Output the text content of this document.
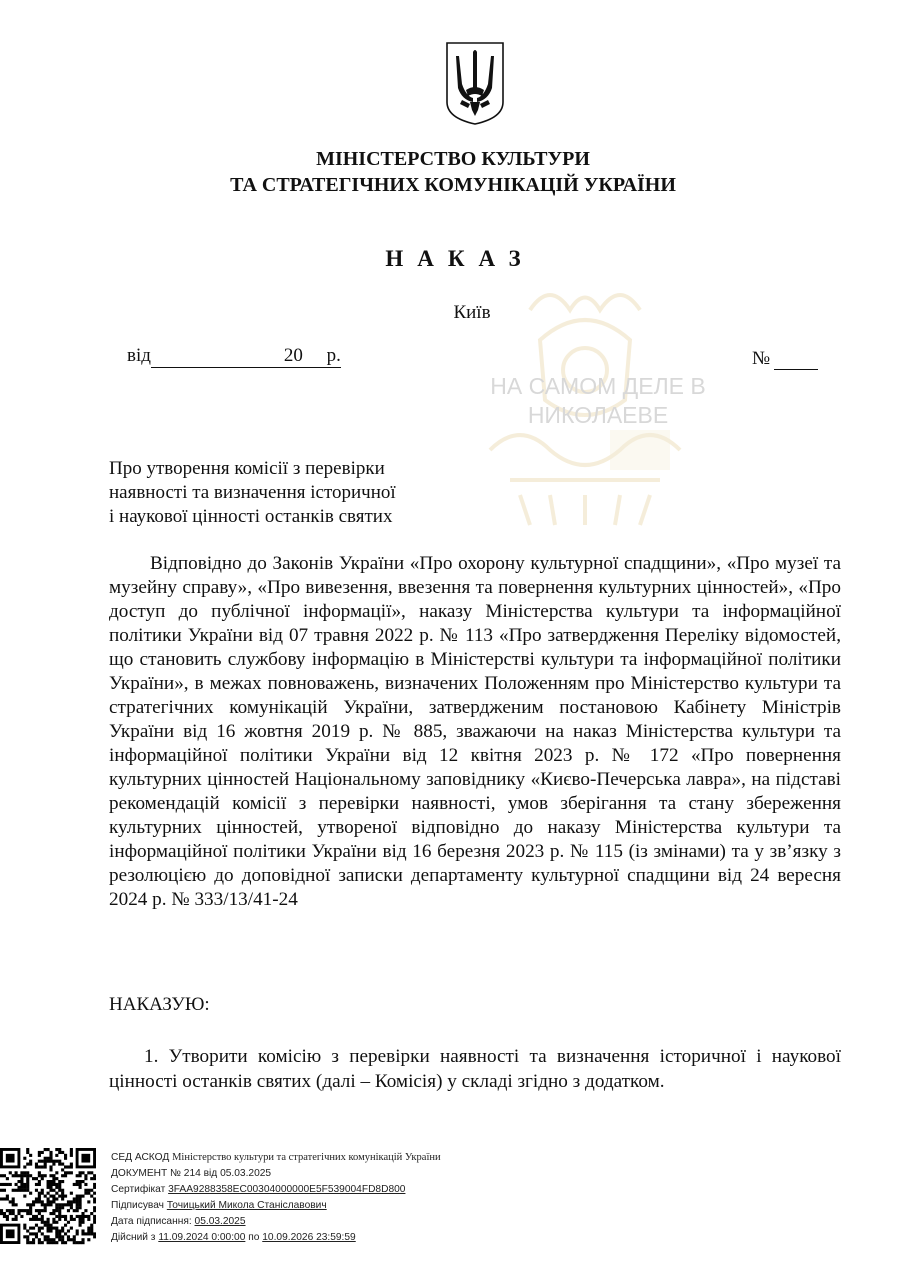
НА САМОМ ДЕЛЕ В
НИКОЛАЕВЕ
МІНІСТЕРСТВО КУЛЬТУРИ
ТА СТРАТЕГІЧНИХ КОМУНІКАЦІЙ УКРАЇНИ
НАКАЗ
Київ
від	20 р.	№
Про утворення комісії з перевірки
наявності та визначення історичної
і наукової цінності останків святих
Відповідно до Законів України «Про охорону культурної спадщини», «Про музеї та музейну справу», «Про вивезення, ввезення та повернення культурних цінностей», «Про доступ до публічної інформації», наказу Міністерства культури та інформаційної політики України від 07 травня 2022 р. № 113 «Про затвердження Переліку відомостей, що становить службову інформацію в Міністерстві культури та інформаційної політики України», в межах повноважень, визначених Положенням про Міністерство культури та стратегічних комунікацій України, затвердженим постановою Кабінету Міністрів України від 16 жовтня 2019 р. № 885, зважаючи на наказ Міністерства культури та інформаційної політики України від 12 квітня 2023 р. № 172 «Про повернення культурних цінностей Національному заповіднику «Києво-Печерська лавра», на підставі рекомендацій комісії з перевірки наявності, умов зберігання та стану збереження культурних цінностей, утвореної відповідно до наказу Міністерства культури та інформаційної політики України від 16 березня 2023 р. № 115 (із змінами) та у зв’язку з резолюцією до доповідної записки департаменту культурної спадщини від 24 вересня 2024 р. № 333/13/41-24
НАКАЗУЮ:
1. Утворити комісію з перевірки наявності та визначення історичної і наукової цінності останків святих (далі – Комісія) у складі згідно з додатком.
СЕД АСКОД Міністерство культури та стратегічних комунікацій України
ДОКУМЕНТ № 214 від 05.03.2025
Сертифікат 3FAA9288358EC00304000000E5F539004FD8D800
Підписувач Точицький Микола Станіславович
Дата підписання: 05.03.2025
Дійсний з 11.09.2024 0:00:00 по 10.09.2026 23:59:59
